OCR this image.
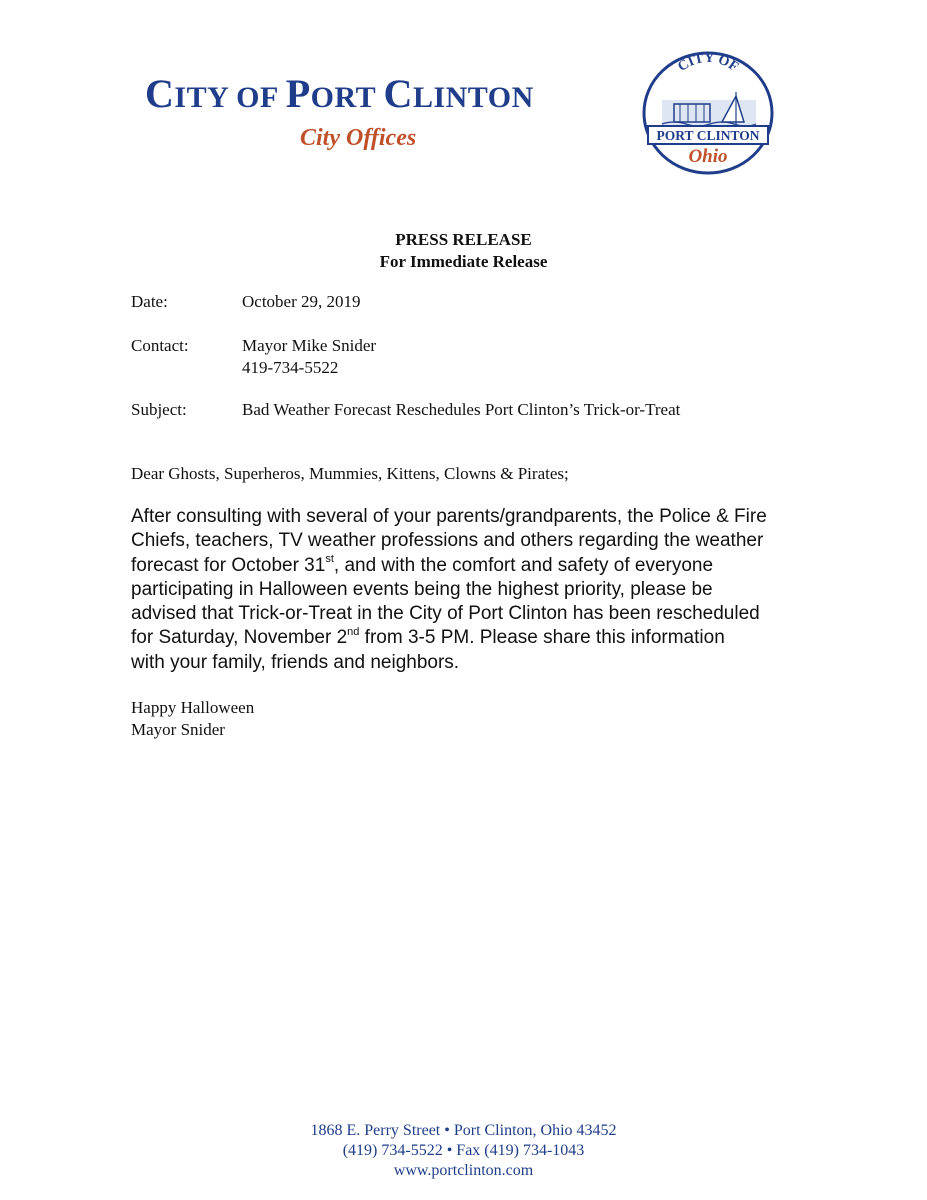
CITY OF PORT CLINTON
City Offices
CITY OF
PORT CLINTON
Ohio
PRESS RELEASE
For Immediate Release
Date:	October 29, 2019
Contact:	Mayor Mike Snider
419-734-5522
Subject:	Bad Weather Forecast Reschedules Port Clinton’s Trick-or-Treat
Dear Ghosts, Superheros, Mummies, Kittens, Clowns & Pirates;
After consulting with several of your parents/grandparents, the Police & Fire
Chiefs, teachers, TV weather professions and others regarding the weather
forecast for October 31st, and with the comfort and safety of everyone
participating in Halloween events being the highest priority, please be
advised that Trick-or-Treat in the City of Port Clinton has been rescheduled
for Saturday, November 2nd from 3-5 PM. Please share this information
with your family, friends and neighbors.
Happy Halloween
Mayor Snider
1868 E. Perry Street • Port Clinton, Ohio 43452
(419) 734-5522 • Fax (419) 734-1043
www.portclinton.com
